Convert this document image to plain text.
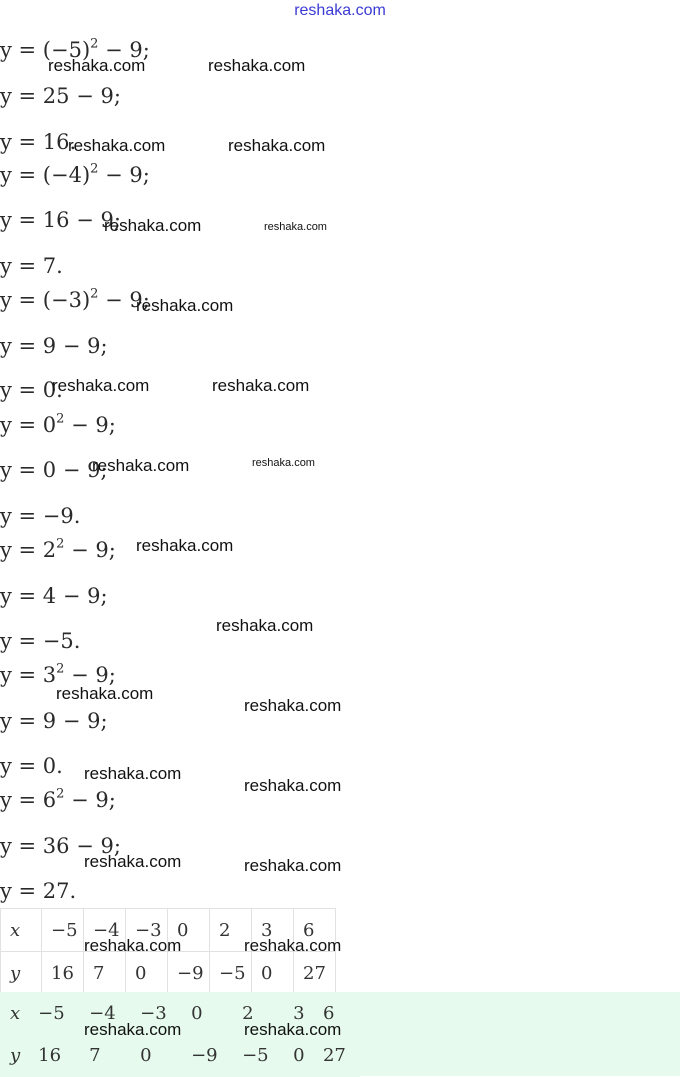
reshaka.com
$y = (-5)^2 - 9$;
y = 25 − 9;
y = 16.
$y = (-4)^2 - 9$;
y = 16 − 9;
y = 7.
$y = (-3)^2 - 9$;
y = 9 − 9;
y = 0.
$y = 0^2 - 9$;
y = 0 − 9;
y = −9.
$y = 2^2 - 9$;
y = 4 − 9;
y = −5.
$y = 3^2 - 9$;
y = 9 − 9;
y = 0.
$y = 6^2 - 9$;
y = 36 − 9;
y = 27.
x	−5	−4	−3	0	2	3	6
y	16	7	0	−9	−5	0	27
x	−5	−4	−3	0	2	3	6
y	16	7	0	−9	−5	0	27
reshaka.com	reshaka.com
reshaka.com	reshaka.com
reshaka.com	reshaka.com
reshaka.com
reshaka.com	reshaka.com
reshaka.com	reshaka.com
reshaka.com
reshaka.com
reshaka.com
reshaka.com
reshaka.com
reshaka.com
reshaka.com	reshaka.com
reshaka.com	reshaka.com
reshaka.com	reshaka.com
